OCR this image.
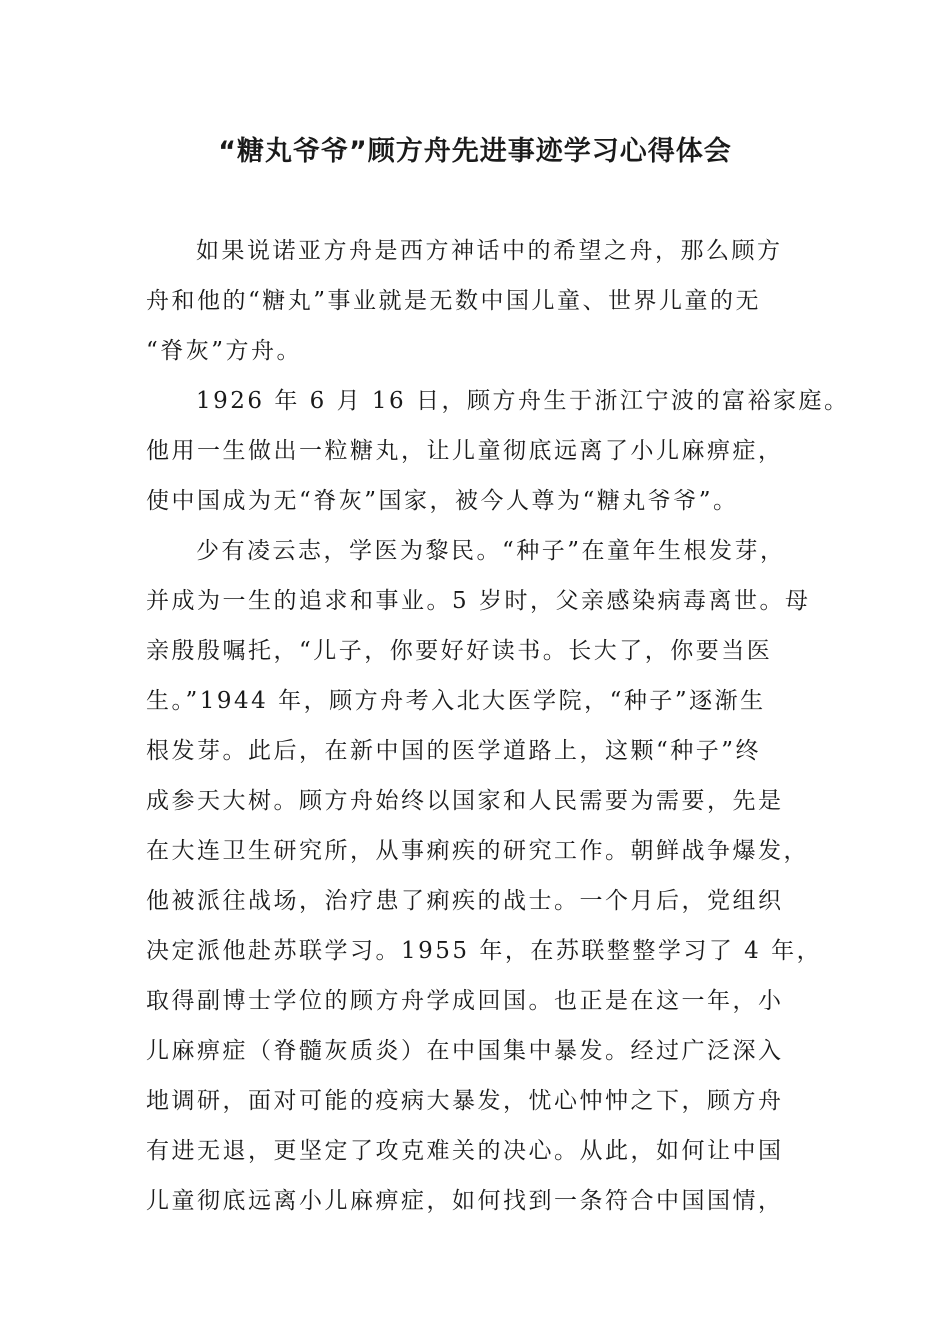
“糖丸爷爷”顾方舟先进事迹学习心得体会
如果说诺亚方舟是西方神话中的希望之舟，那么顾方
舟和他的“糖丸”事业就是无数中国儿童、世界儿童的无
“脊灰”方舟。
1926 年 6 月 16 日，顾方舟生于浙江宁波的富裕家庭。
他用一生做出一粒糖丸，让儿童彻底远离了小儿麻痹症，
使中国成为无“脊灰”国家，被今人尊为“糖丸爷爷”。
少有凌云志，学医为黎民。“种子”在童年生根发芽，
并成为一生的追求和事业。5 岁时，父亲感染病毒离世。母
亲殷殷嘱托，“儿子，你要好好读书。长大了，你要当医
生。”1944 年，顾方舟考入北大医学院，“种子”逐渐生
根发芽。此后，在新中国的医学道路上，这颗“种子”终
成参天大树。顾方舟始终以国家和人民需要为需要，先是
在大连卫生研究所，从事痢疾的研究工作。朝鲜战争爆发，
他被派往战场，治疗患了痢疾的战士。一个月后，党组织
决定派他赴苏联学习。1955 年，在苏联整整学习了 4 年，
取得副博士学位的顾方舟学成回国。也正是在这一年，小
儿麻痹症（脊髓灰质炎）在中国集中暴发。经过广泛深入
地调研，面对可能的疫病大暴发，忧心忡忡之下，顾方舟
有进无退，更坚定了攻克难关的决心。从此，如何让中国
儿童彻底远离小儿麻痹症，如何找到一条符合中国国情，
